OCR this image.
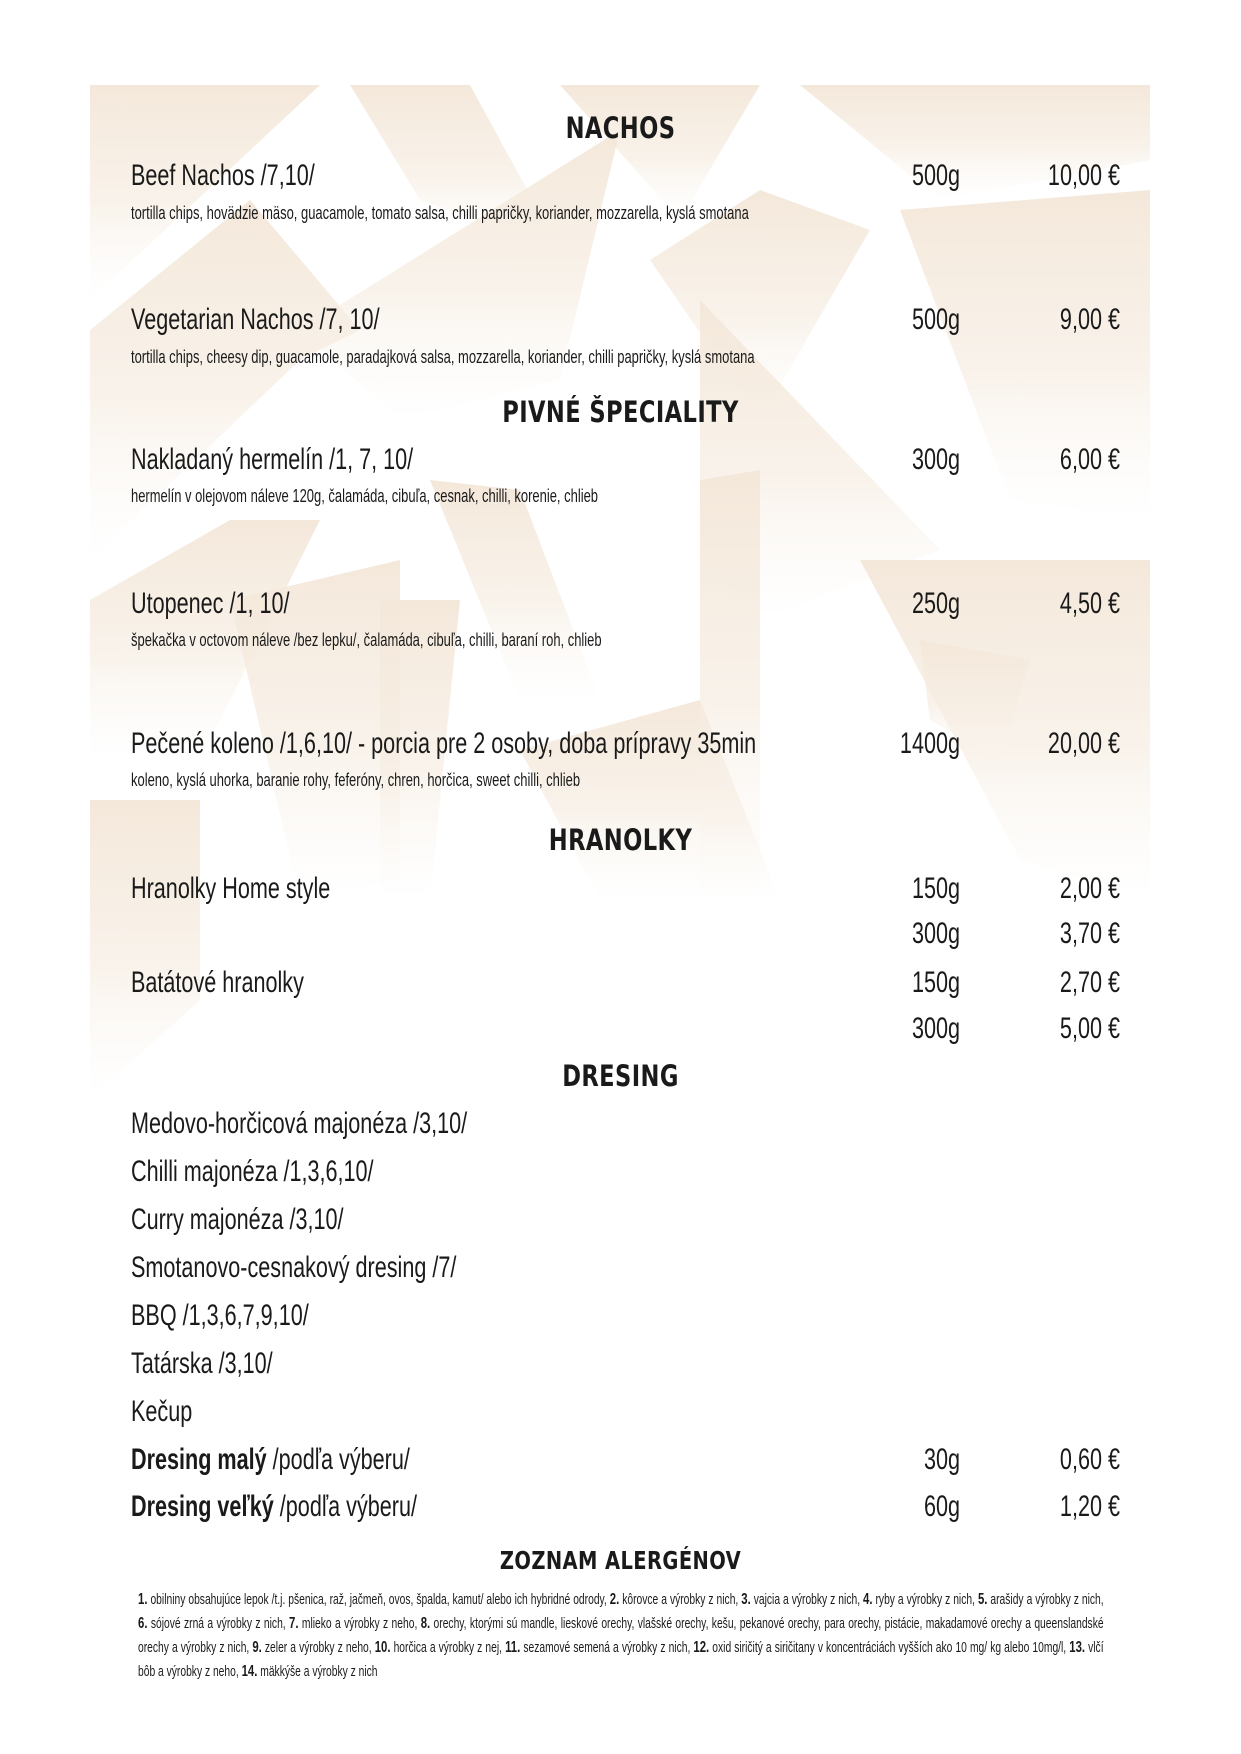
NACHOS
Beef Nachos /7,10/	500g	10,00 €
tortilla chips, hovädzie mäso, guacamole, tomato salsa, chilli papričky, koriander, mozzarella, kyslá smotana
Vegetarian Nachos /7, 10/	500g	9,00 €
tortilla chips, cheesy dip, guacamole, paradajková salsa, mozzarella, koriander, chilli papričky, kyslá smotana
PIVNÉ ŠPECIALITY
Nakladaný hermelín /1, 7, 10/	300g	6,00 €
hermelín v olejovom náleve 120g, čalamáda, cibuľa, cesnak, chilli, korenie, chlieb
Utopenec /1, 10/	250g	4,50 €
špekačka v octovom náleve /bez lepku/, čalamáda, cibuľa, chilli, baraní roh, chlieb
Pečené koleno /1,6,10/ - porcia pre 2 osoby, doba prípravy 35min	1400g	20,00 €
koleno, kyslá uhorka, baranie rohy, feferóny, chren, horčica, sweet chilli, chlieb
HRANOLKY
Hranolky Home style	150g	2,00 €
300g	3,70 €
Batátové hranolky	150g	2,70 €
300g	5,00 €
DRESING
Medovo-horčicová majonéza /3,10/
Chilli majonéza /1,3,6,10/
Curry majonéza /3,10/
Smotanovo-cesnakový dresing /7/
BBQ /1,3,6,7,9,10/
Tatárska /3,10/
Kečup
Dresing malý /podľa výberu/	30g	0,60 €
Dresing veľký /podľa výberu/	60g	1,20 €
ZOZNAM ALERGÉNOV
1. obilniny obsahujúce lepok /t.j. pšenica, raž, jačmeň, ovos, špalda, kamut/ alebo ich hybridné odrody, 2. kôrovce a výrobky z nich, 3. vajcia a výrobky z nich, 4. ryby a výrobky z nich, 5. arašidy a výrobky z nich, 6. sójové zrná a výrobky z nich, 7. mlieko a výrobky z neho, 8. orechy, ktorými sú mandle, lieskové orechy, vlašské orechy, kešu, pekanové orechy, para orechy, pistácie, makadamové orechy a queenslandské orechy a výrobky z nich, 9. zeler a výrobky z neho, 10. horčica a výrobky z nej, 11. sezamové semená a výrobky z nich, 12. oxid siričitý a siričitany v koncentráciách vyšších ako 10 mg/ kg alebo 10mg/l, 13. vlčí bôb a výrobky z neho, 14. mäkkýše a výrobky z nich
